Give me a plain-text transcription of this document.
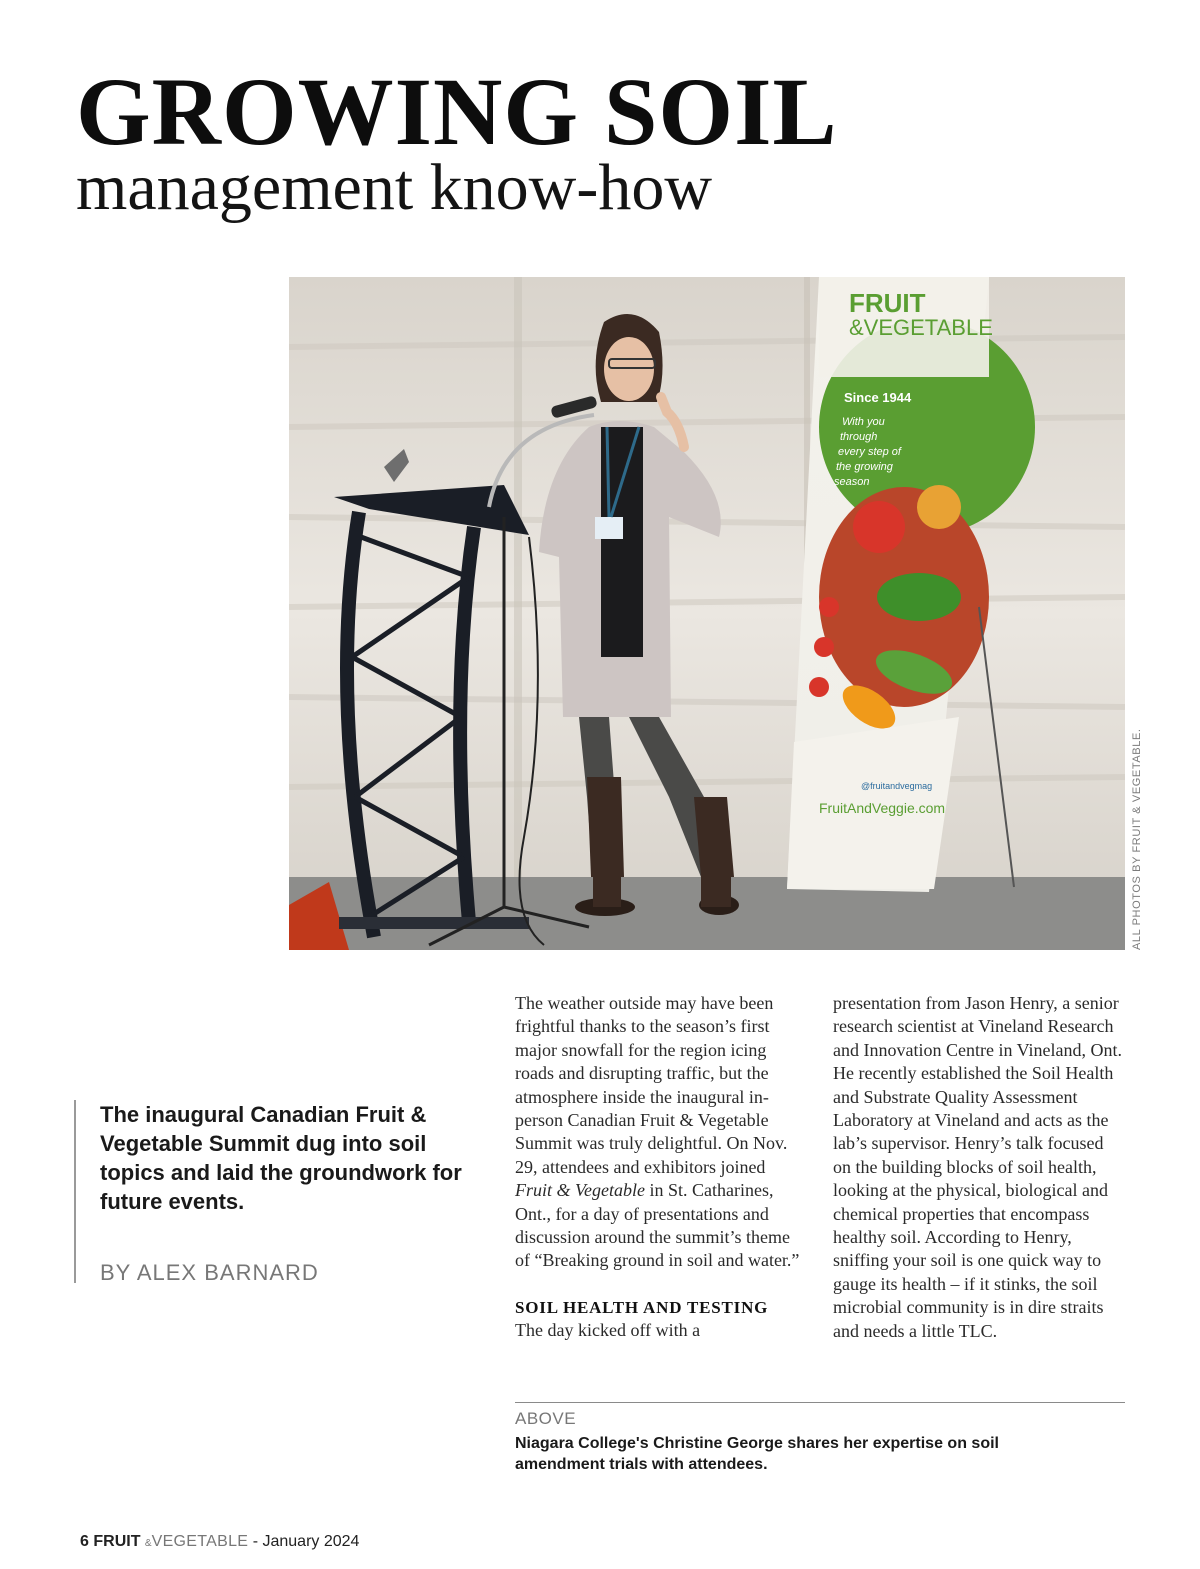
GROWING SOIL
management know-how
FRUIT
&VEGETABLE
Since 1944
With you
through
every step of
the growing
season
@fruitandvegmag
FruitAndVeggie.com	ALL PHOTOS BY FRUIT & VEGETABLE.

The inaugural Canadian Fruit & Vegetable Summit dug into soil topics and laid the groundwork for future events.

BY ALEX BARNARD

The weather outside may have been frightful thanks to the season’s first major snowfall for the region icing roads and disrupting traffic, but the atmosphere inside the inaugural in-person Canadian Fruit & Vegetable Summit was truly delightful. On Nov. 29, attendees and exhibitors joined Fruit & Vegetable in St. Catharines, Ont., for a day of presentations and discussion around the summit’s theme of “Breaking ground in soil and water.”

SOIL HEALTH AND TESTING

The day kicked off with a

presentation from Jason Henry, a senior research scientist at Vineland Research and Innovation Centre in Vineland, Ont. He recently established the Soil Health and Substrate Quality Assessment Laboratory at Vineland and acts as the lab’s supervisor. Henry’s talk focused on the building blocks of soil health, looking at the physical, biological and chemical properties that encompass healthy soil. According to Henry, sniffing your soil is one quick way to gauge its health – if it stinks, the soil microbial community is in dire straits and needs a little TLC.

ABOVE

Niagara College's Christine George shares her expertise on soil amendment trials with attendees.

6 FRUIT &VEGETABLE - January 2024
